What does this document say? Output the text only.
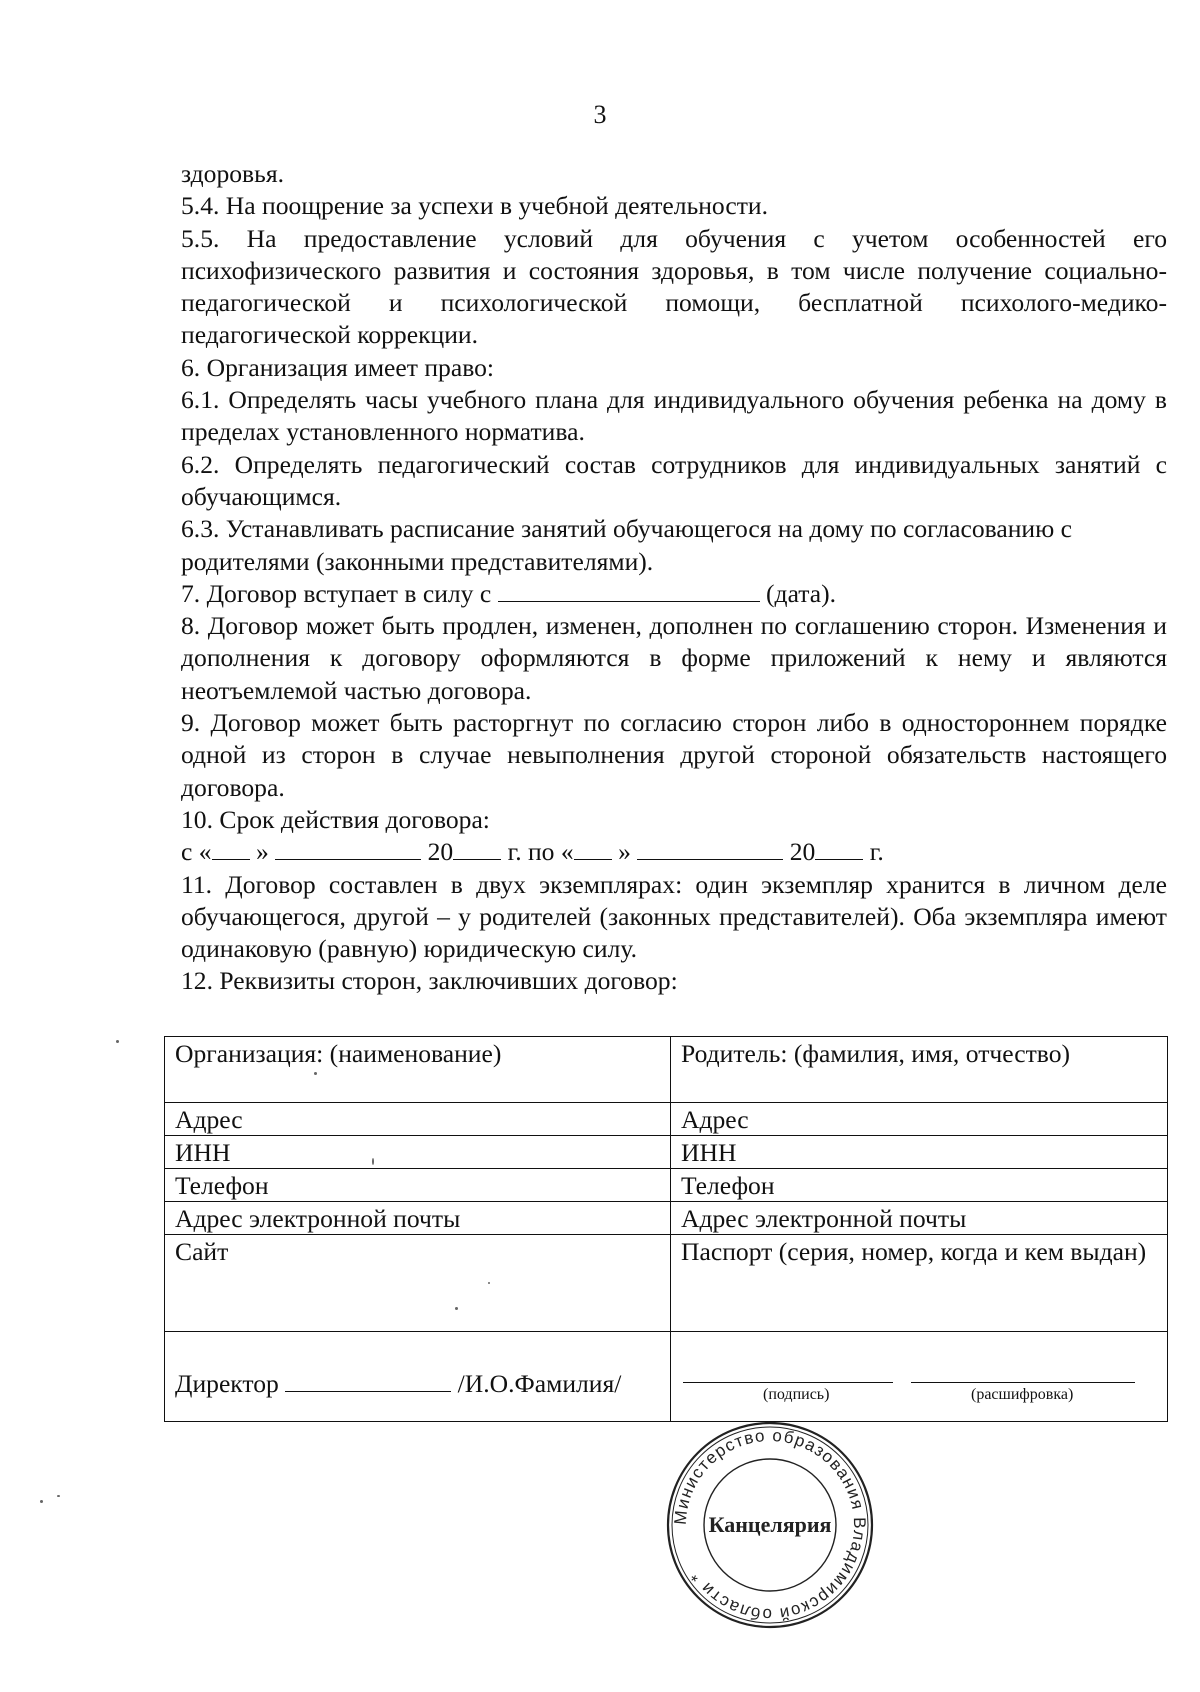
3

здоровья.

5.4. На поощрение за успехи в учебной деятельности.

5.5. На предоставление условий для обучения с учетом особенностей его психофизического развития и состояния здоровья, в том числе получение социально-педагогической и психологической помощи, бесплатной психолого-медико-педагогической коррекции.

6. Организация имеет право:

6.1. Определять часы учебного плана для индивидуального обучения ребенка на дому в пределах установленного норматива.

6.2. Определять педагогический состав сотрудников для индивидуальных занятий с обучающимся.

6.3. Устанавливать расписание занятий обучающегося на дому по согласованию с родителями (законными представителями).

7. Договор вступает в силу с	(дата).

8. Договор может быть продлен, изменен, дополнен по соглашению сторон. Изменения и дополнения к договору оформляются в форме приложений к нему и являются неотъемлемой частью договора.

9. Договор может быть расторгнут по согласию сторон либо в одностороннем порядке одной из сторон в случае невыполнения другой стороной обязательств настоящего договора.

10. Срок действия договора:

с « »	20 г. по « »	20 г.

11. Договор составлен в двух экземплярах: один экземпляр хранится в личном деле обучающегося, другой – у родителей (законных представителей). Оба экземпляра имеют одинаковую (равную) юридическую силу.

12. Реквизиты сторон, заключивших договор:

Организация: (наименование)	Родитель: (фамилия, имя, отчество)
Адрес	Адрес
ИНН	ИНН
Телефон	Телефон
Адрес электронной почты	Адрес электронной почты
Сайт	Паспорт (серия, номер, когда и кем выдан)
Директор /И.О.Фамилия/	(подпись) (расшифровка)
Министерство образования Владимирской области *
Канцелярия
